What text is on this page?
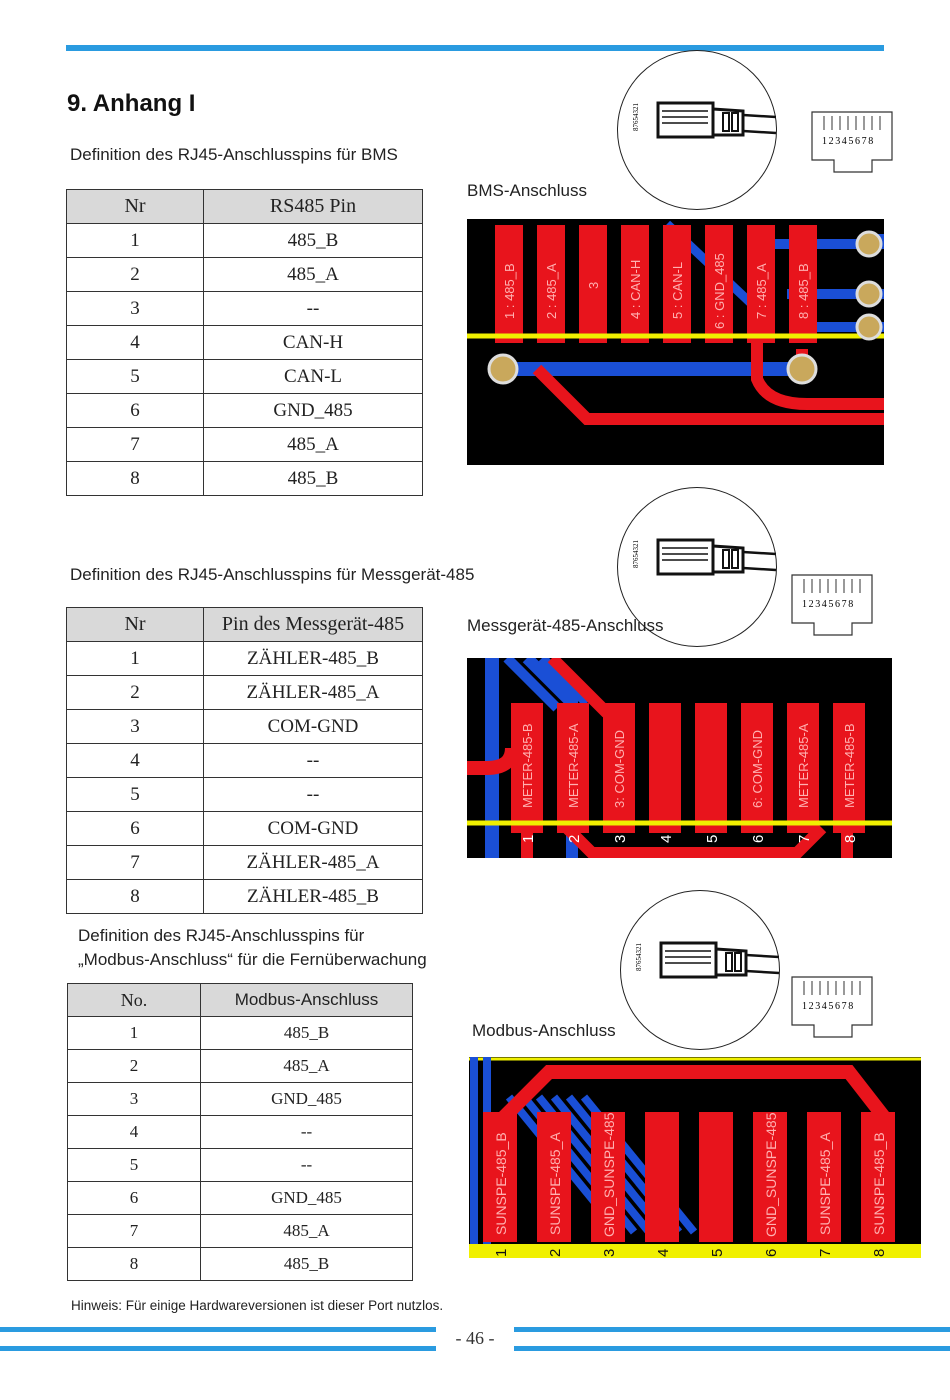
9. Anhang I
Definition des RJ45-Anschlusspins für BMS
Nr	RS485 Pin
1	485_B
2	485_A
3	--
4	CAN-H
5	CAN-L
6	GND_485
7	485_A
8	485_B
87654321
12345678
BMS-Anschluss
1 : 485_B 2 : 485_A 3 4 : CAN-H 5 : CAN-L 6 : GND_485 7 : 485_A 8 : 485_B
Definition des RJ45-Anschlusspins für Messgerät-485
Nr	Pin des Messgerät-485
1	ZÄHLER-485_B
2	ZÄHLER-485_A
3	COM-GND
4	--
5	--
6	COM-GND
7	ZÄHLER-485_A
8	ZÄHLER-485_B
87654321
12345678
Messgerät-485-Anschluss
METER-485-B METER-485-A 3: COM-GND	6: COM-GND METER-485-A METER-485-B
1 2 3 4 5 6 7 8
Definition des RJ45-Anschlusspins für
„Modbus-Anschluss“ für die Fernüberwachung
No.	Modbus-Anschluss
1	485_B
2	485_A
3	GND_485
4	--
5	--
6	GND_485
7	485_A
8	485_B
87654321
12345678
Modbus-Anschluss
SUNSPE-485_B	SUNSPE-485_A	GND_SUNSPE-485	GND_SUNSPE-485	SUNSPE-485_A	SUNSPE-485_B
1 2 3 4 5 6 7 8
Hinweis: Für einige Hardwareversionen ist dieser Port nutzlos.
- 46 -
